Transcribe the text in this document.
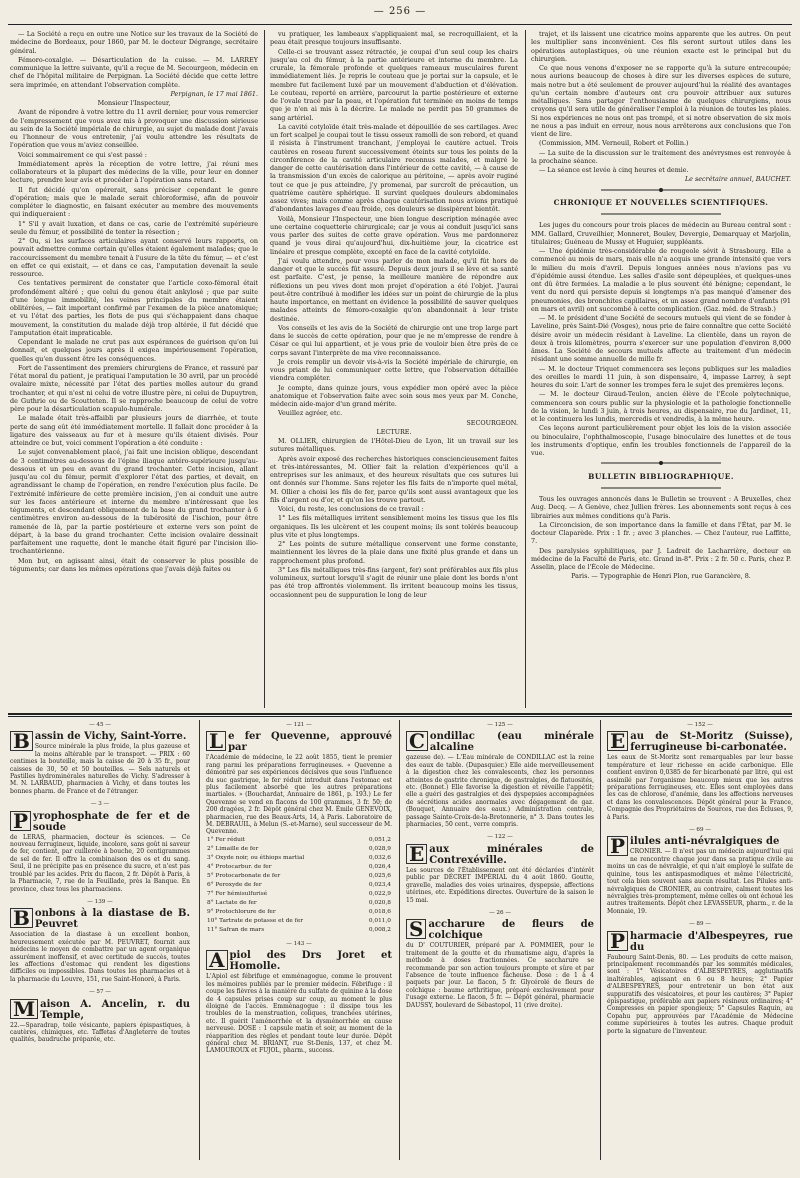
— 256 —

— La Société a reçu en outre une Notice sur les travaux de la Société de médecine de Bordeaux, pour 1860, par M. le docteur Dégrange, secrétaire général.

Fémoro-coxalgie. — Désarticulation de la cuisse. — M. LARREY communique la lettre suivante, qu'il a reçue de M. Secourgeon, médecin en chef de l'hôpital militaire de Perpignan. La Société décide que cette lettre sera imprimée, en attendant l'observation complète.

Perpignan, le 17 mai 1861.

Monsieur l'Inspecteur,

Avant de répondre à votre lettre du 11 avril dernier, pour vous remercier de l'empressement que vous avez mis à provoquer une discussion sérieuse au sein de la Société impériale de chirurgie, au sujet du malade dont j'avais eu l'honneur de vous entretenir, j'ai voulu attendre les résultats de l'opération que vous m'aviez conseillée.

Voici sommairement ce qui s'est passé :

Immédiatement après la réception de votre lettre, j'ai réuni mes collaborateurs et la plupart des médecins de la ville, pour leur en donner lecture, prendre leur avis et procéder à l'opération sans retard.

Il fut décidé qu'on opérerait, sans préciser cependant le genre d'opération; mais que le malade serait chloroformisé, afin de pouvoir compléter le diagnostic, en faisant exécuter au membre des mouvements qui indiqueraient :

1° S'il y avait luxation, et dans ce cas, carie de l'extrémité supérieure seule du fémur, et possibilité de tenter la résection ;

2° Ou, si les surfaces articulaires ayant conservé leurs rapports, on pouvait admettre comme certain qu'elles étaient également malades; que le raccourcissement du membre tenait à l'usure de la tête du fémur, — et c'est en effet ce qui existait, — et dans ce cas, l'amputation devenait la seule ressource.

Ces tentatives permirent de constater que l'article coxo-fémoral était profondément altéré ; que celui du genou était ankylosé ; que par suite d'une longue immobilité, les veines principales du membre étaient oblitérées, — fait important confirmé par l'examen de la pièce anatomique; et vu l'état des parties, les flots de pus qui s'échappaient dans chaque mouvement, la constitution du malade déjà trop altérée, il fut décidé que l'amputation était impraticable.

Cependant le malade ne crut pas aux espérances de guérison qu'on lui donnait, et quelques jours après il exigea impérieusement l'opération, quelles qu'en dussent être les conséquences.

Fort de l'assentiment des premiers chirurgiens de France, et rassuré par l'état moral du patient, je pratiquai l'amputation le 30 avril, par un procédé ovalaire mixte, nécessité par l'état des parties molles autour du grand trochanter, et qui n'est ni celui de votre illustre père, ni celui de Dupuytren, de Guthrie ou de Scoutteten. Il se rapproche beaucoup de celui de votre père pour la désarticulation scapulo-humérale.

Le malade était très-affaibli par plusieurs jours de diarrhée, et toute perte de sang eût été immédiatement mortelle. Il fallait donc procéder à la ligature des vaisseaux au fur et à mesure qu'ils étaient divisés. Pour atteindre ce but, voici comment l'opération a été conduite :

Le sujet convenablement placé, j'ai fait une incision oblique, descendant de 3 centimètres au-dessous de l'épine iliaque antéro-supérieure jusqu'au-dessous et un peu en avant du grand trochanter. Cette incision, allant jusqu'au col du fémur, permit d'explorer l'état des parties, et devait, en agrandissant le champ de l'opération, en rendre l'exécution plus facile. De l'extrémité inférieure de cette première incision, j'en ai conduit une autre sur les faces antérieure et interne du membre n'intéressant que les téguments, et descendant obliquement de la base du grand trochanter à 6 centimètres environ au-dessous de la tubérosité de l'ischion, pour être ramenée de là, par la partie postérieure et externe vers son point de départ, à la base du grand trochanter. Cette incision ovalaire dessinait parfaitement une raquette, dont le manche était figuré par l'incision ilio-trochantérienne.

Mon but, en agissant ainsi, était de conserver le plus possible de téguments; car dans les mêmes opérations que j'avais déjà faites ou

vu pratiquer, les lambeaux s'appliquaient mal, se recroquillaient, et la peau était presque toujours insuffisante.

Celle-ci se trouvant assez rétractée, je coupai d'un seul coup les chairs jusqu'au col du fémur, à la partie antérieure et interne du membre. La crurale, la fémorale profonde et quelques rameaux musculaires furent immédiatement liés. Je repris le couteau que je portai sur la capsule, et le membre fut facilement luxé par un mouvement d'abduction et d'élévation. Le couteau, reporté en arrière, parcourut la partie postérieure et externe de l'ovale tracé par la peau, et l'opération fut terminée en moins de temps que je n'en ai mis à la décrire. Le malade ne perdit pas 50 grammes de sang artériel.

La cavité cotyloïde était très-malade et dépouillée de ses cartilages. Avec un fort scalpel je coupai tout le tissu osseux ramolli de son rebord, et quand il résista à l'instrument tranchant, j'employai le cautère actuel. Trois cautères en roseau furent successivement éteints sur tous les points de la circonférence de la cavité articulaire reconnus malades, et malgré le danger de cette cautérisation dans l'intérieur de cette cavité, — à cause de la transmission d'un excès de calorique au péritoine, — après avoir ruginé tout ce que je pus atteindre, j'y promenai, par surcroît de précaution, un quatrième cautère sphérique. Il survint quelques douleurs abdominales assez vives; mais comme après chaque cautérisation nous avions pratiqué d'abondantes lavages d'eau froide, ces douleurs se dissipèrent bientôt.

Voilà, Monsieur l'Inspecteur, une bien longue description ménagée avec une certaine coquetterie chirurgicale; car je vous ai conduit jusqu'ici sans vous parler des suites de cette grave opération. Vous me pardonnerez quand je vous dirai qu'aujourd'hui, dix-huitième jour, la cicatrice est linéaire et presque complète, excepté en face de la cavité cotyloïde.

J'ai voulu attendre, pour vous parler de mon malade, qu'il fût hors de danger et que le succès fût assuré. Depuis deux jours il se lève et sa santé est parfaite. C'est, je pense, la meilleure manière de répondre aux réflexions un peu vives dont mon projet d'opération a été l'objet. J'aurai peut-être contribué à modifier les idées sur un point de chirurgie de la plus haute importance, en mettant en évidence la possibilité de sauver quelques malades atteints de fémoro-coxalgie qu'on abandonnait à leur triste destinée.

Vos conseils et les avis de la Société de chirurgie ont une trop large part dans le succès de cette opération, pour que je ne m'empresse de rendre à César ce qui lui appartient, et je vous prie de vouloir bien être près de ce corps savant l'interprète de ma vive reconnaissance.

Je crois remplir un devoir vis-à-vis la Société impériale de chirurgie, en vous priant de lui communiquer cette lettre, que l'observation détaillée viendra compléter.

Je compte, dans quinze jours, vous expédier mon opéré avec la pièce anatomique et l'observation faite avec soin sous mes yeux par M. Conche, médecin aide-major d'un grand mérite.

Veuillez agréer, etc.

SECOURGEON.

LECTURE.

M. OLLIER, chirurgien de l'Hôtel-Dieu de Lyon, lit un travail sur les sutures métalliques.

Après avoir exposé des recherches historiques consciencieusement faites et très-intéressantes, M. Ollier fait la relation d'expériences qu'il a entreprises sur les animaux, et des heureux résultats que ces sutures lui ont donnés sur l'homme. Sans rejeter les fils faits de n'importe quel métal, M. Ollier a choisi les fils de fer, parce qu'ils sont aussi avantageux que les fils d'argent ou d'or, et qu'on les trouve partout.

Voici, du reste, les conclusions de ce travail :

1° Les fils métalliques irritent sensiblement moins les tissus que les fils organiques. Ils les ulcèrent et les coupent moins; ils sont tolérés beaucoup plus vite et plus longtemps.

2° Les points de suture métallique conservent une forme constante, maintiennent les lèvres de la plaie dans une fixité plus grande et dans un rapprochement plus profond.

3° Les fils métalliques très-fins (argent, fer) sont préférables aux fils plus volumineux, surtout lorsqu'il s'agit de réunir une plaie dont les bords n'ont pas été trop affrontés violemment. Ils irritent beaucoup moins les tissus, occasionnent peu de suppuration le long de leur

trajet, et ils laissent une cicatrice moins apparente que les autres. On peut les multiplier sans inconvénient. Ces fils seront surtout utiles dans les opérations autoplastiques, où une réunion exacte est le principal but du chirurgien.

Ce que nous venons d'exposer ne se rapporte qu'à la suture entrecoupée; nous aurions beaucoup de choses à dire sur les diverses espèces de suture, mais notre but a été seulement de prouver aujourd'hui la réalité des avantages qu'un certain nombre d'auteurs ont cru pouvoir attribuer aux sutures métalliques. Sans partager l'enthousiasme de quelques chirurgiens, nous croyons qu'il sera utile de généraliser l'emploi à la réunion de toutes les plaies. Si nos expériences ne nous ont pas trompé, et si notre observation de six mois ne nous a pas induit en erreur, nous nous arrêterons aux conclusions que l'on vient de lire.

(Commission, MM. Verneuil, Robert et Follin.)

— La suite de la discussion sur le traitement des anévrysmes est renvoyée à la prochaine séance.

— La séance est levée à cinq heures et demie.

Le secrétaire annuel, BAUCHET.

CHRONIQUE ET NOUVELLES SCIENTIFIQUES.

Les juges du concours pour trois places de médecin au Bureau central sont : MM. Gallard, Cruveilhier, Monneret, Boulev, Devergie, Demarquay et Marjolin, titulaires; Guéneau de Mussy et Huguier, suppléants.

— Une épidémie très-considérable de rougeole sévit à Strasbourg. Elle a commencé au mois de mars, mais elle n'a acquis une grande intensité que vers le milieu du mois d'avril. Depuis longues années nous n'avions pas vu d'épidémie aussi étendue. Les salles d'asile sont dépeuplées, et quelques-unes ont dû être fermées. La maladie a le plus souvent été bénigne; cependant, le vent du nord qui persiste depuis si longtemps n'a pas manqué d'amener des pneumonies, des bronchites capillaires, et un assez grand nombre d'enfants (91 en mars et avril) ont succombé à cette complication. (Gaz. méd. de Strasb.)

— M. le président d'une Société de secours mutuels qui vient de se fonder à Laveline, près Saint-Dié (Vosges), nous prie de faire connaître que cette Société désire avoir un médecin résidant à Laveline. La clientèle, dans un rayon de deux à trois kilomètres, pourra s'exercer sur une population d'environ 8,000 âmes. La Société de secours mutuels affecte au traitement d'un médecin résidant une somme annuelle de mille fr.

— M. le docteur Triquet commencera ses leçons publiques sur les maladies des oreilles le mardi 11 juin, à son dispensaire, 4, impasse Larrey, à sept heures du soir. L'art de sonner les trompes fera le sujet des premières leçons.

— M. le docteur Giraud-Teulon, ancien élève de l'École polytechnique, commencera son cours public sur la physiologie et la pathologie fonctionnelle de la vision, le lundi 3 juin, à trois heures, au dispensaire, rue du Jardinet, 11, et le continuera les lundis, mercredis et vendredis, à la même heure.

Ces leçons auront particulièrement pour objet les lois de la vision associée ou binoculaire, l'ophthalmoscopie, l'usage binoculaire des lunettes et de tous les instruments d'optique, enfin les troubles fonctionnels de l'appareil de la vue.

BULLETIN BIBLIOGRAPHIQUE.

Tous les ouvrages annoncés dans le Bulletin se trouvent : A Bruxelles, chez Aug. Decq. — A Genève, chez Jullien frères. Les abonnements sont reçus à ces librairies aux mêmes conditions qu'à Paris.

La Circoncision, de son importance dans la famille et dans l'État, par M. le docteur Claparède. Prix : 1 fr. ; avec 3 planches. — Chez l'auteur, rue Laffitte, 7.

Des paralysies syphilitiques, par J. Ladreit de Lacharrière, docteur en médecine de la Faculté de Paris, etc. Grand in-8°. Prix : 2 fr. 50 c. Paris, chez P. Asselin, place de l'École de Médecine.

Paris. — Typographie de Henri Plon, rue Garancière, 8.

— 45 —
B assin de Vichy, Saint-Yorre.
Source minérale la plus froide, la plus gazeuse et la moins altérable par le transport. — PRIX : 60 centimes la bouteille, mais la caisse de 20 à 35 fr., pour caisses de 30, 50 et 50 bouteilles. — Sels naturels et Pastilles hydrominérales naturelles de Vichy. S'adresser à M. N. LARBAUD, pharmacien à Vichy, et dans toutes les bonnes pharm. de France et de l'étranger.
— 3 —
P yrophosphate de fer et de soude
de LERAS, pharmacien, docteur ès sciences. — Ce nouveau ferrugineux, liquide, incolore, sans goût ni saveur de fer, contient, par cuillerée à bouche, 20 centigrammes de sel de fer. Il offre la combinaison des os et du sang. Seul, il ne précipite pas en présence du sucre, et n'est pas troublé par les acides. Prix du flacon, 2 fr. Dépôt à Paris, à la Pharmacie, 7, rue de la Feuillade, près la Banque. En province, chez tous les pharmaciens.
— 139 —
B onbons à la diastase de B. Peuvret
Association de la diastase à un excellent bonbon, heureusement exécutée par M. PEUVRET, fournit aux médecins le moyen de combattre par un agent organique assurément inoffensif, et avec certitude de succès, toutes les affections d'estomac qui rendent les digestions difficiles ou impossibles. Dans toutes les pharmacies et à la pharmacie du Louvre, 151, rue Saint-Honoré, à Paris.
— 57 —
M aison A. Ancelin, r. du Temple,
22.—Sparadrap, toile vésicante, papiers épispastiques, à cautères, chimiques, etc. Taffetas d'Angleterre de toutes qualités, baudruche préparée, etc.
— 121 —
L e fer Quevenne, approuvé par
l'Académie de médecine, le 22 août 1855, tient le premier rang parmi les préparations ferrugineuses. « Quevenne a démontré par ses expériences décisives que sous l'influence du suc gastrique, le fer réduit introduit dans l'estomac est plus facilement absorbé que les autres préparations martiales. » (Bouchardat, Annuaire de 1861, p. 193.) Le fer Quevenne se vend en flacons de 100 grammes, 3 fr. 50; de 200 dragées, 2 fr. Dépôt général chez M. Émile GENEVOIX, pharmacien, rue des Beaux-Arts, 14, à Paris. Laboratoire de M. DEBRAUIL, à Melun (S.-et-Marne), seul successeur de M. Quevenne.
1° Fer réduit	0,051,2
2° Limaille de fer	0,028,9
3° Oxyde noir, ou éthiops martial	0,032,6
4° Protocarbur. de fer	0,026,4
5° Protocarbonate de fer	0,025,6
6° Peroxyde de fer	0,023,4
7° Fer hémisulfurisé	0,022,9
8° Lactate de fer	0,020,8
9° Protochlorure de fer	0,018,6
10° Tartrate de potasse et de fer	0,011,0
11° Safran de mars	0,008,2
— 143 —
A piol des Drs Joret et Homolle.
L'Apiol est fébrifuge et emménagogue, comme le prouvent les mémoires publiés par le premier médecin. Fébrifuge : il coupe les fièvres à la manière du sulfate de quinine à la dose de 4 capsules prises coup sur coup, au moment le plus éloigné de l'accès. Emménagogue : il dissipe tous les troubles de la menstruation, coliques, tranchées utérines, etc. Il guérit l'aménorrhée et la dysménorrhée en cause nerveuse. DOSE : 1 capsule matin et soir, au moment de la réapparition des règles et pendant toute leur durée. Dépôt général chez M. BRIANT, rue St-Denis, 137, et chez M. LAMOUROUX et FUJOL, pharm., success.
— 125 —
C ondillac (eau minérale alcaline
gazeuse de). — L'Eau minérale de CONDILLAC est la reine des eaux de table. (Dupasquier.) Elle aide merveilleusement à la digestion chez les convalescents, chez les personnes atteintes de gastrite chronique, de gastralgies, de flatuosités, etc. (Bonnet.) Elle favorise la digestion et réveille l'appétit; elle a guéri des gastralgies et des dyspepsies accompagnées de sécrétions acides anormales avec dégagement de gaz. (Bouquet, Annuaire des eaux.) Administration centrale, passage Sainte-Croix-de-la-Bretonnerie, n° 3. Dans toutes les pharmacies, 50 cent., verre compris.
— 122 —
E aux minérales de Contrexéville.
Les sources de l'Établissement ont été déclarées d'intérêt public par DÉCRET IMPÉRIAL du 4 août 1860. Goutte, gravelle, maladies des voies urinaires, dyspepsie, affections utérines, etc. Expéditions directes. Ouverture de la saison le 15 mai.
— 26 —
S accharure de fleurs de colchique
du D' COUTURIER, préparé par A. POMMIER, pour le traitement de la goutte et du rhumatisme aigu, d'après la méthode à doses fractionnées. Ce saccharure se recommande par son action toujours prompte et sûre et par l'absence de toute influence fâcheuse. Dose : de 1 à 4 paquets par jour. Le flacon, 5 fr. Glycérolé de fleurs de colchique : baume arthritique, préparé exclusivement pour l'usage externe. Le flacon, 5 fr. — Dépôt général, pharmacie DAUSSY, boulevard de Sébastopol, 11 (rive droite).
— 152 —
E au de St-Moritz (Suisse), ferrugineuse bi-carbonatée.
Les eaux de St-Moritz sont remarquables par leur basse température et leur richesse en acide carbonique. Elle contient environ 0,0385 de fer bicarbonaté par litre, qui est assimilé par l'organisme beaucoup mieux que les autres préparations ferrugineuses, etc. Elles sont employées dans les cas de chlorose, d'anémie, dans les affections nerveuses et dans les convalescences. Dépôt général pour la France, Compagnie des Propriétaires de Sources, rue des Écluses, 9, à Paris.
— 69 —
P ilules anti-névralgiques de
CRONIER. — Il n'est pas un médecin aujourd'hui qui ne rencontre chaque jour dans sa pratique civile au moins un cas de névralgie, et qui n'ait employé le sulfate de quinine, tous les antispasmodiques et même l'électricité, tout cela bien souvent sans aucun résultat. Les Pilules anti-névralgiques de CRONIER, au contraire, calment toutes les névralgies très-promptement, même celles où ont échoué les autres traitements. Dépôt chez LEVASSEUR, pharm., r. de la Monnaie, 19.
— 89 —
P harmacie d'Albespeyres, rue du
Faubourg Saint-Denis, 80. — Les produits de cette maison, principalement recommandés par les sommités médicales, sont : 1° Vésicatoires d'ALBESPEYRES, agglutinatifs inaltérables, agissant en 6 ou 8 heures; 2° Papier d'ALBESPEYRES, pour entretenir un bon état aux suppuratifs des vésicatoires, et pour les cautères; 3° Papier épispastique, préférable aux papiers résineux ordinaires; 4° Compresses en papier spongieux; 5° Capsules Raquin, au Copahu pur, approuvées par l'Académie de Médecine comme supérieures à toutes les autres. Chaque produit porte la signature de l'inventeur.
